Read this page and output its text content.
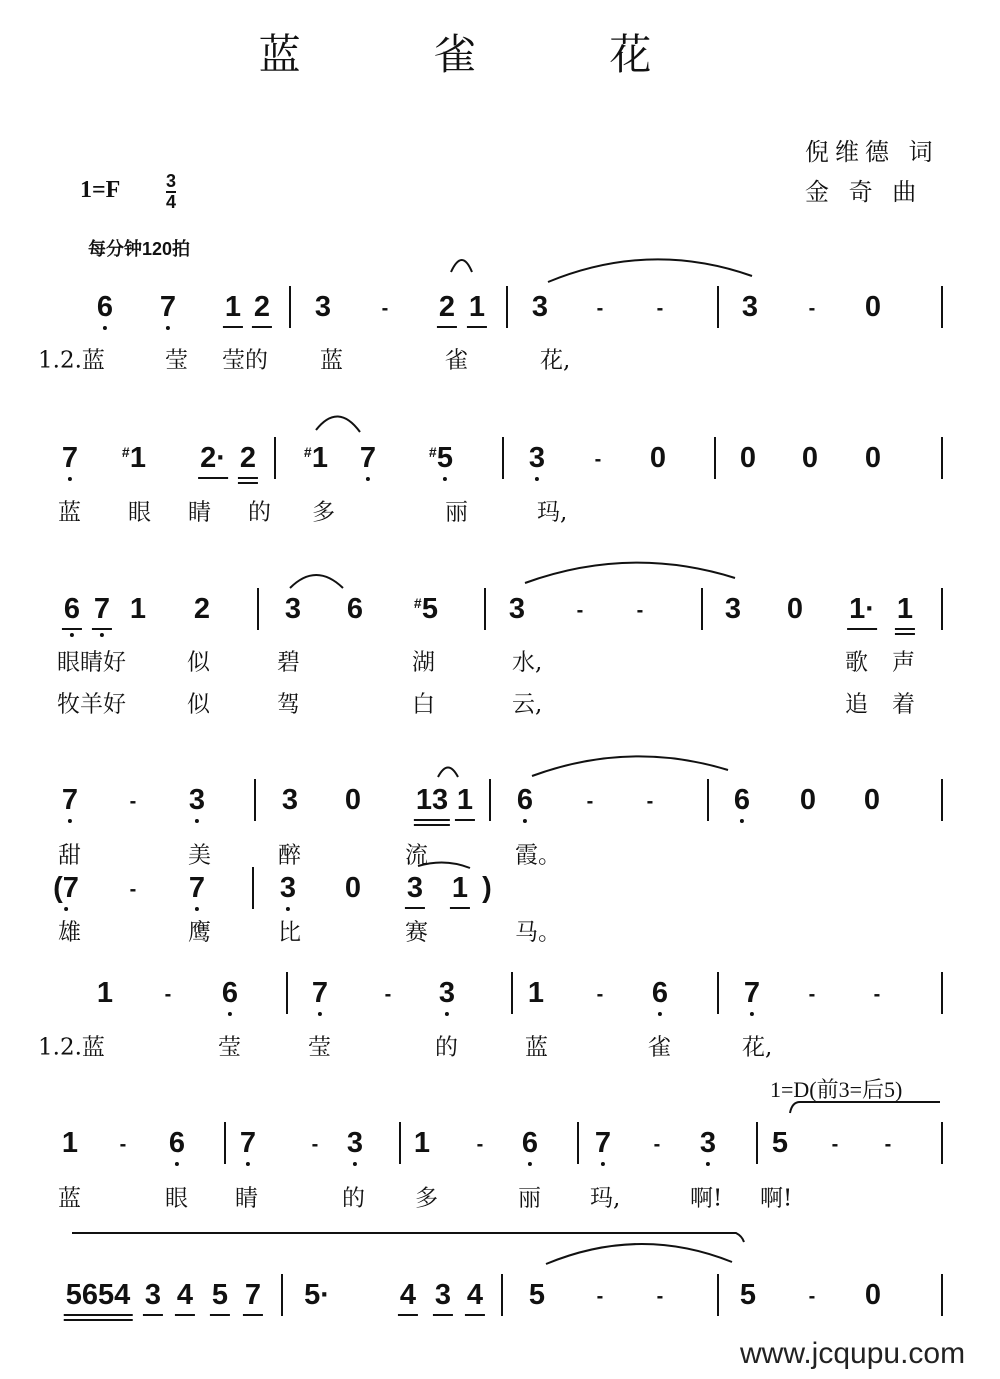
蓝 雀 花
倪维德 词
金 奇 曲
1=F	3
4
每分钟120拍
1=D(前3=后5)
www.jcqupu.com
6 7 1 2 3	- 2 1 3 -	-	3	- 0
1.2.蓝	莹 莹的 蓝	雀	花,
7 1
# 2· 2 1
# 7 5
#	3 - 0	0 0 0
蓝 眼 睛 的 多	丽	玛,
6 7 1 2	3 6 5
#	3	-	-	3 0 1· 1
眼睛好	似	碧	湖	水,	歌 声
牧羊好	似	驾	白	云,	追 着
7	- 3	3 0 13 1 6	-	-	6 0 0
甜	美	醉	流	霞。
(7	- 7	3 0 3 1 )
雄	鹰	比	赛	马。
1	- 6	7	- 3	1	- 6	7 -	-
1.2.蓝	莹	莹	的	蓝	雀	花,
1 - 6 7	- 3 1 - 6 7 - 3 5 - -
蓝	眼 睛	的 多	丽 玛,	啊! 啊!
5654 3 4 5 7 5· 4 3 4 5	-	-	5	- 0
